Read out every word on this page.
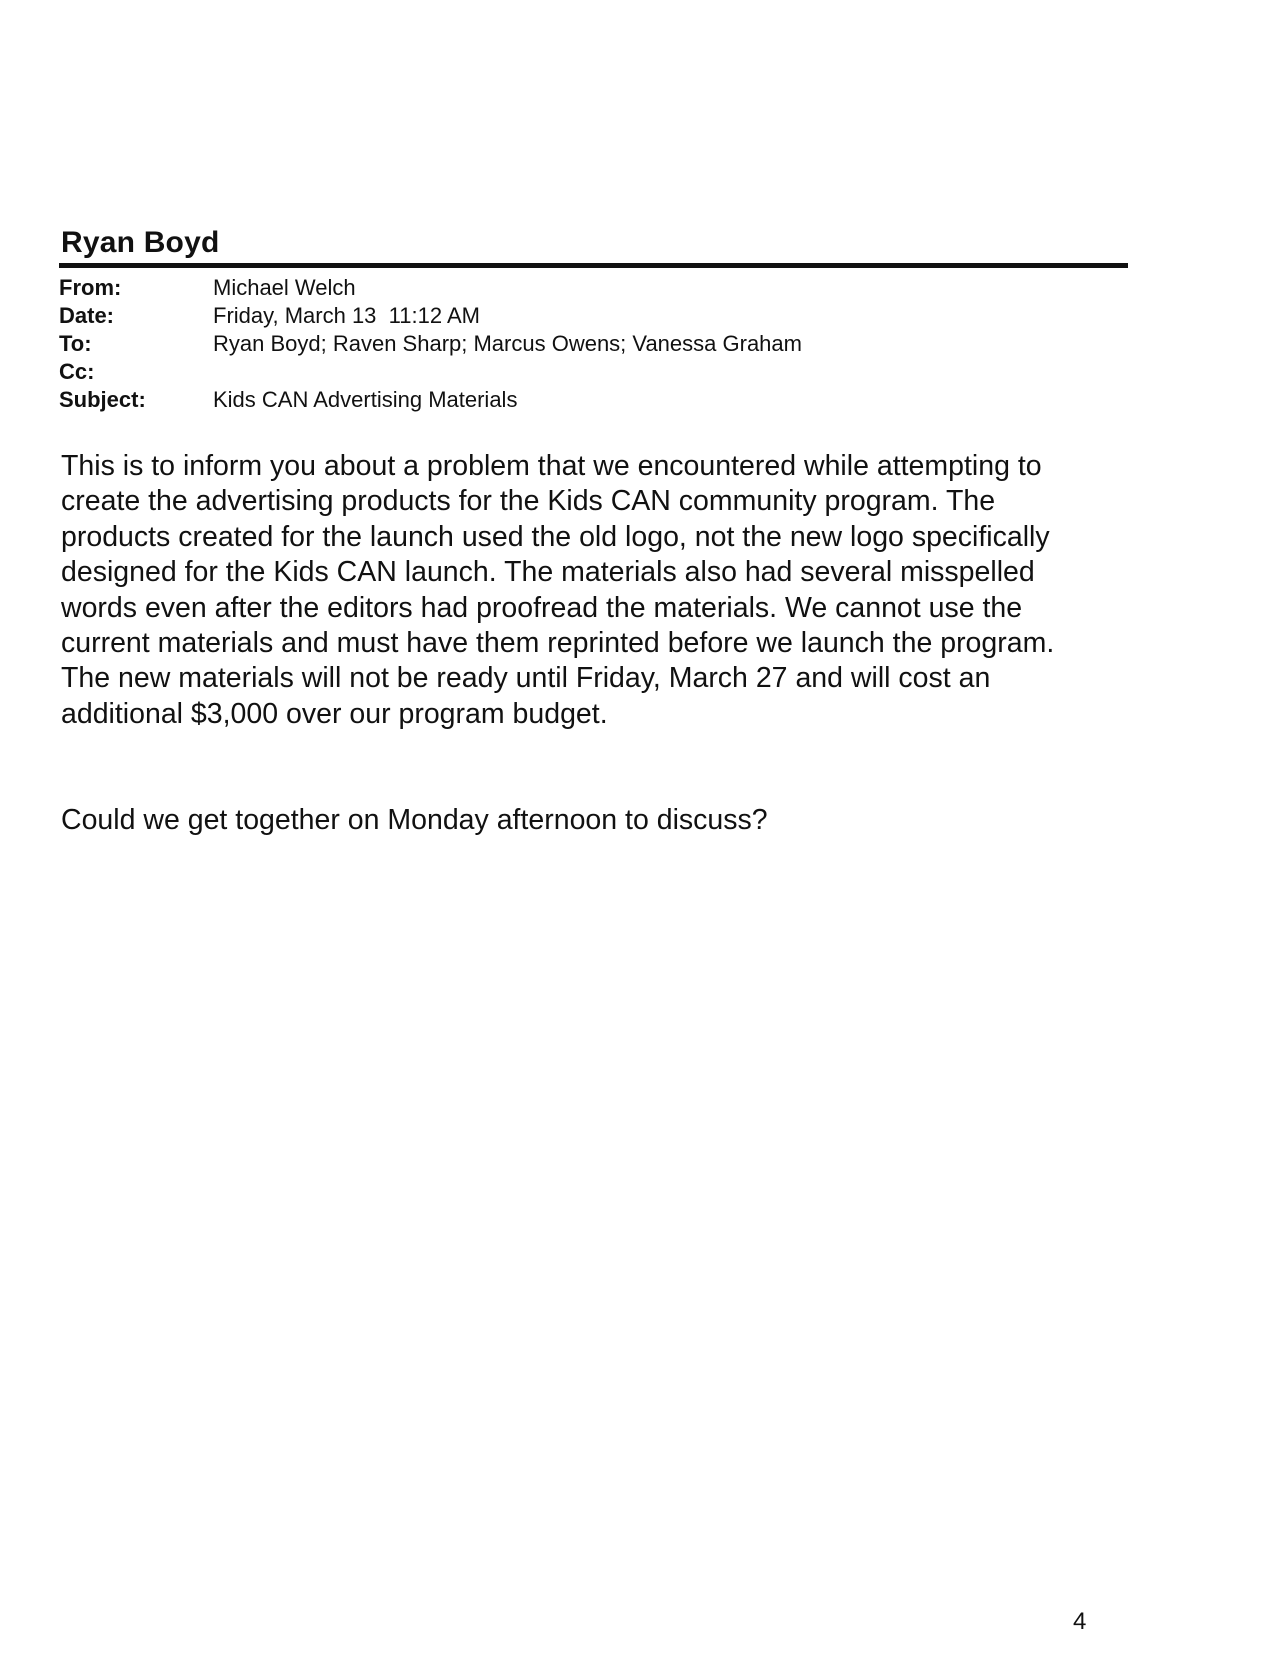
Ryan Boyd
From:	Michael Welch
Date:	Friday, March 13  11:12 AM
To:	Ryan Boyd; Raven Sharp; Marcus Owens; Vanessa Graham
Cc:
Subject:	Kids CAN Advertising Materials

This is to inform you about a problem that we encountered while attempting to create the advertising products for the Kids CAN community program. The products created for the launch used the old logo, not the new logo specifically designed for the Kids CAN launch. The materials also had several misspelled words even after the editors had proofread the materials. We cannot use the current materials and must have them reprinted before we launch the program. The new materials will not be ready until Friday, March 27 and will cost an additional $3,000 over our program budget.

Could we get together on Monday afternoon to discuss?

4
